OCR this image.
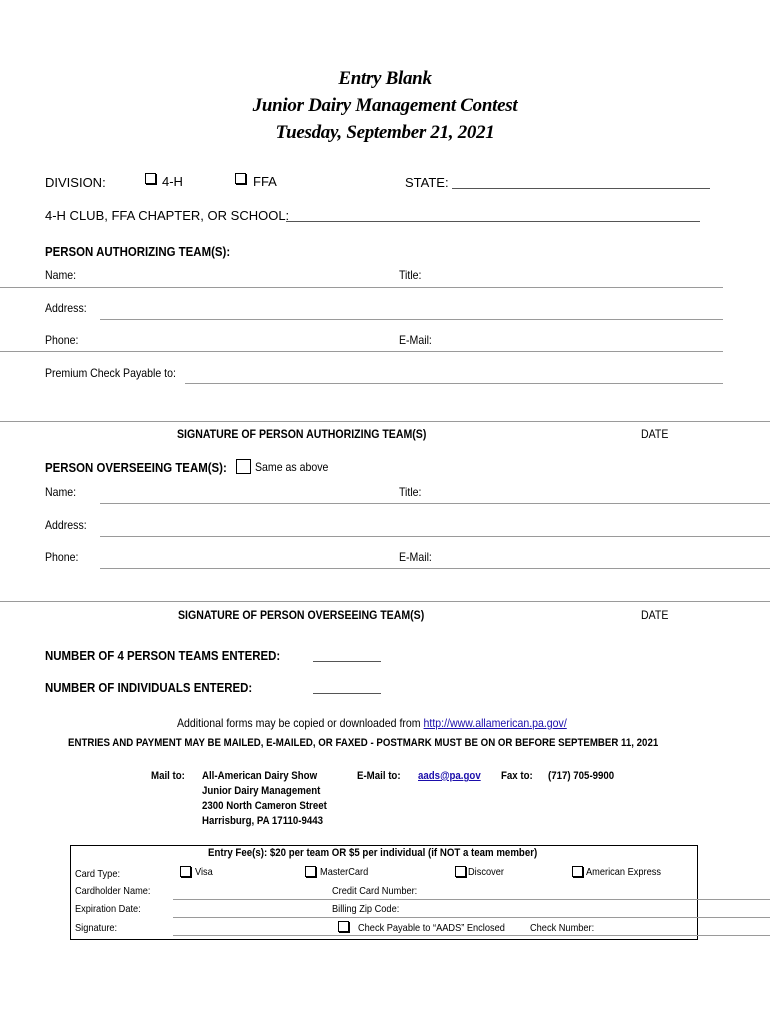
Entry Blank
Junior Dairy Management Contest
Tuesday, September 21, 2021
DIVISION:	4-H	FFA	STATE:
4-H CLUB, FFA CHAPTER, OR SCHOOL:
PERSON AUTHORIZING TEAM(S):
Name:	Title:
Address:
Phone:	E-Mail:
Premium Check Payable to:
SIGNATURE OF PERSON AUTHORIZING TEAM(S)	DATE
PERSON OVERSEEING TEAM(S): Same as above
Name:	Title:
Address:
Phone:	E-Mail:
SIGNATURE OF PERSON OVERSEEING TEAM(S)	DATE
NUMBER OF 4 PERSON TEAMS ENTERED:
NUMBER OF INDIVIDUALS ENTERED:
Additional forms may be copied or downloaded from http://www.allamerican.pa.gov/
ENTRIES AND PAYMENT MAY BE MAILED, E-MAILED, OR FAXED - POSTMARK MUST BE ON OR BEFORE SEPTEMBER 11, 2021
Mail to: All-American Dairy Show
Junior Dairy Management
2300 North Cameron Street
Harrisburg, PA 17110-9443
E-Mail to: aads@pa.gov Fax to: (717) 705-9900
Entry Fee(s): $20 per team OR $5 per individual (if NOT a team member)
Card Type:	Visa	MasterCard	Discover	American Express
Cardholder Name:	Credit Card Number:
Expiration Date:	Billing Zip Code:
Signature:	Check Payable to “AADS” Enclosed Check Number:
